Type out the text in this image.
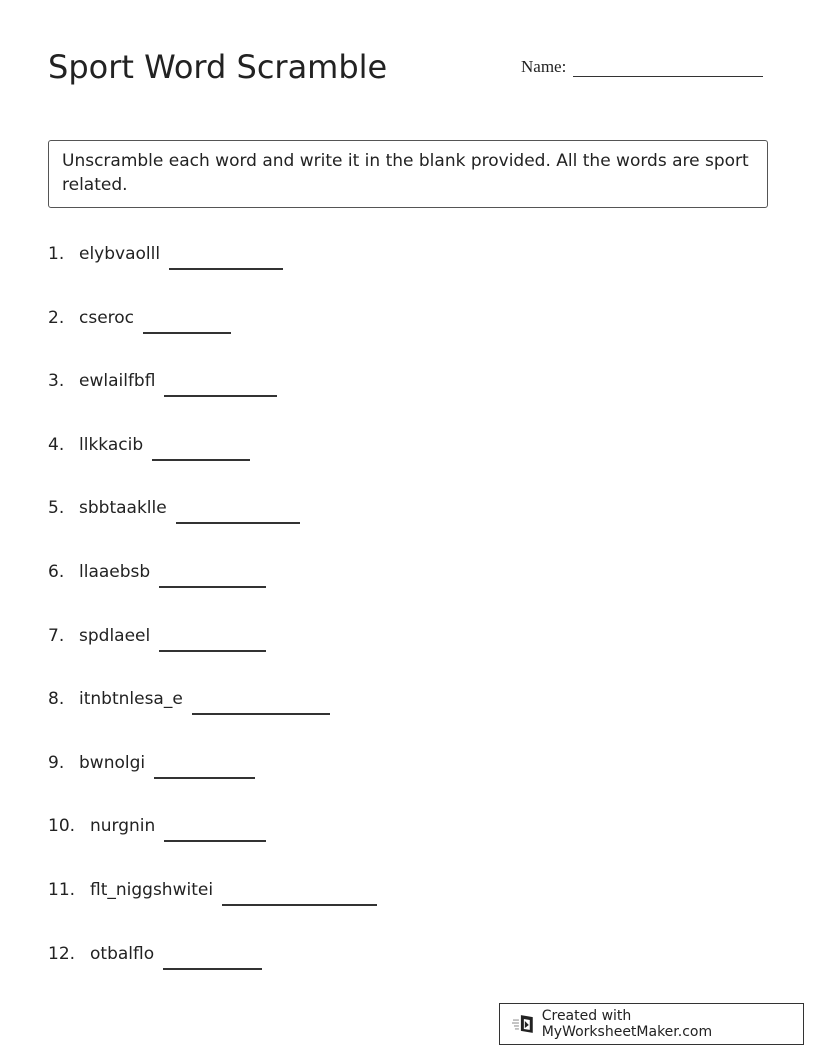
Sport Word Scramble	Name:
Unscramble each word and write it in the blank provided. All the words are sport related.
1. elybvaolll
2. cseroc
3. ewlailfbfl
4. llkkacib
5. sbbtaaklle
6. llaaebsb
7. spdlaeel
8. itnbtnlesa_e
9. bwnolgi
10. nurgnin
11. flt_niggshwitei
12. otbalflo
Created with MyWorksheetMaker.com
